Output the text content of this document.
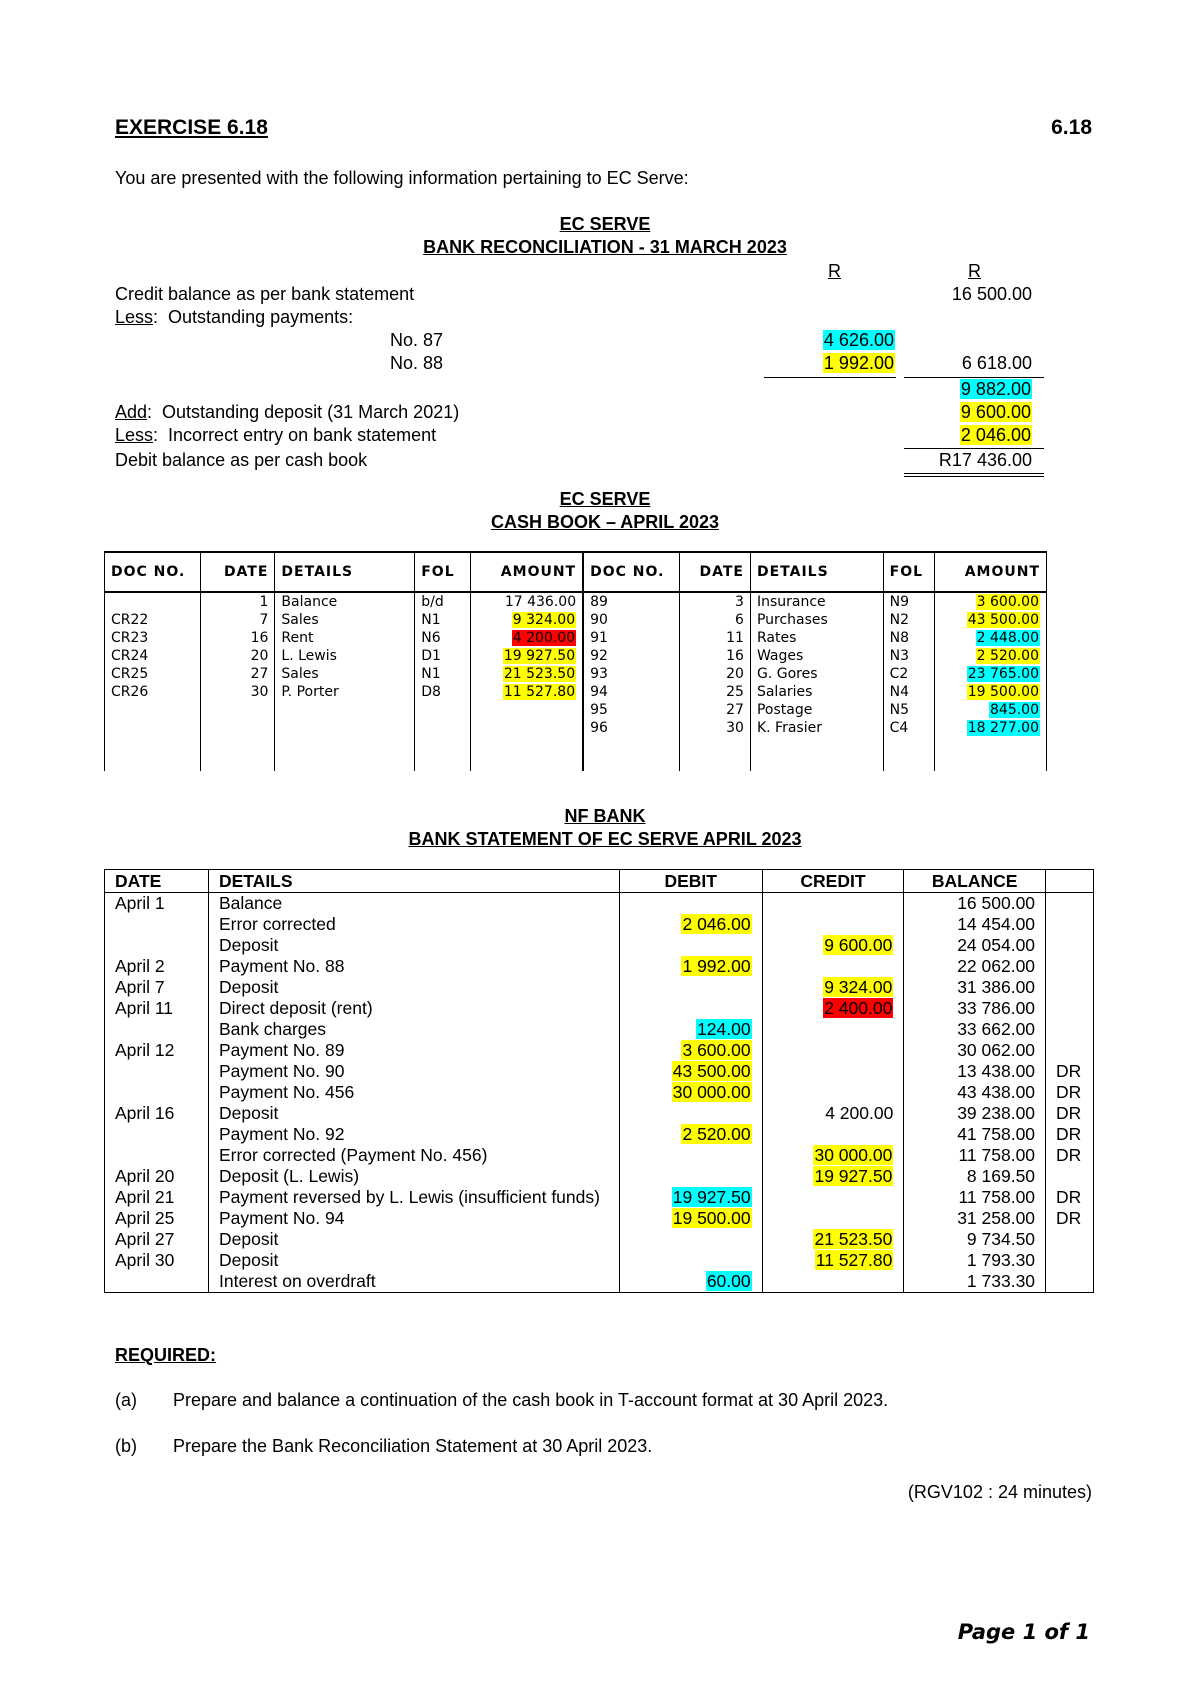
EXERCISE 6.18	6.18
You are presented with the following information pertaining to EC Serve:
EC SERVE
BANK RECONCILIATION - 31 MARCH 2023
R	R
Credit balance as per bank statement	16 500.00
Less:  Outstanding payments:
No. 87	4 626.00
No. 88	1 992.00	6 618.00
9 882.00
Add:  Outstanding deposit (31 March 2021)	9 600.00
Less:  Incorrect entry on bank statement	2 046.00
Debit balance as per cash book	R17 436.00
EC SERVE
CASH BOOK – APRIL 2023
DOC NO.	DATE	DETAILS	FOL	AMOUNT	DOC NO.	DATE	DETAILS	FOL	AMOUNT
	1	Balance	b/d	17 436.00	89	3	Insurance	N9	3 600.00
CR22	7	Sales	N1	9 324.00	90	6	Purchases	N2	43 500.00
CR23	16	Rent	N6	4 200.00	91	11	Rates	N8	2 448.00
CR24	20	L. Lewis	D1	19 927.50	92	16	Wages	N3	2 520.00
CR25	27	Sales	N1	21 523.50	93	20	G. Gores	C2	23 765.00
CR26	30	P. Porter	D8	11 527.80	94	25	Salaries	N4	19 500.00
					95	27	Postage	N5	845.00
					96	30	K. Frasier	C4	18 277.00

NF BANK
BANK STATEMENT OF EC SERVE APRIL 2023
DATE	DETAILS	DEBIT	CREDIT	BALANCE	
April 1	Balance			16 500.00	
	Error corrected	2 046.00		14 454.00	
	Deposit		9 600.00	24 054.00	
April 2	Payment No. 88	1 992.00		22 062.00	
April 7	Deposit		9 324.00	31 386.00	
April 11	Direct deposit (rent)		2 400.00	33 786.00	
	Bank charges	124.00		33 662.00	
April 12	Payment No. 89	3 600.00		30 062.00	
	Payment No. 90	43 500.00		13 438.00	DR
	Payment No. 456	30 000.00		43 438.00	DR
April 16	Deposit		4 200.00	39 238.00	DR
	Payment No. 92	2 520.00		41 758.00	DR
	Error corrected (Payment No. 456)		30 000.00	11 758.00	DR
April 20	Deposit (L. Lewis)		19 927.50	8 169.50	
April 21	Payment reversed by L. Lewis (insufficient funds)	19 927.50		11 758.00	DR
April 25	Payment No. 94	19 500.00		31 258.00	DR
April 27	Deposit		21 523.50	9 734.50	
April 30	Deposit		11 527.80	1 793.30	
	Interest on overdraft	60.00		1 733.30	
REQUIRED:
(a) Prepare and balance a continuation of the cash book in T-account format at 30 April 2023.
(b) Prepare the Bank Reconciliation Statement at 30 April 2023.
(RGV102 : 24 minutes)
Page 1 of 1
